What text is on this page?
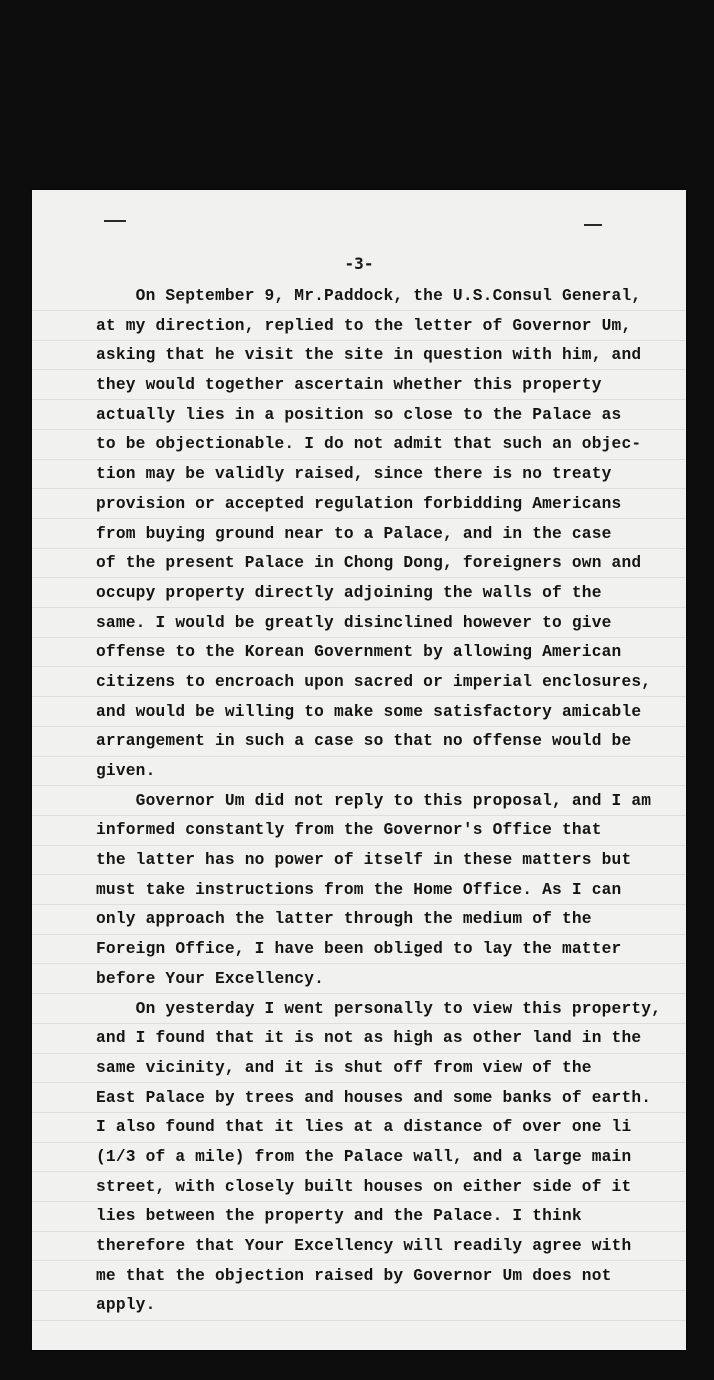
-3-
On September 9, Mr.Paddock, the U.S.Consul General,
at my direction, replied to the letter of Governor Um,
asking that he visit the site in question with him, and
they would together ascertain whether this property
actually lies in a position so close to the Palace as
to be objectionable. I do not admit that such an objec-
tion may be validly raised, since there is no treaty
provision or accepted regulation forbidding Americans
from buying ground near to a Palace, and in the case
of the present Palace in Chong Dong, foreigners own and
occupy property directly adjoining the walls of the
same. I would be greatly disinclined however to give
offense to the Korean Government by allowing American
citizens to encroach upon sacred or imperial enclosures,
and would be willing to make some satisfactory amicable
arrangement in such a case so that no offense would be
given.
Governor Um did not reply to this proposal, and I am
informed constantly from the Governor's Office that
the latter has no power of itself in these matters but
must take instructions from the Home Office. As I can
only approach the latter through the medium of the
Foreign Office, I have been obliged to lay the matter
before Your Excellency.
On yesterday I went personally to view this property,
and I found that it is not as high as other land in the
same vicinity, and it is shut off from view of the
East Palace by trees and houses and some banks of earth.
I also found that it lies at a distance of over one li
(1/3 of a mile) from the Palace wall, and a large main
street, with closely built houses on either side of it
lies between the property and the Palace. I think
therefore that Your Excellency will readily agree with
me that the objection raised by Governor Um does not
apply.
